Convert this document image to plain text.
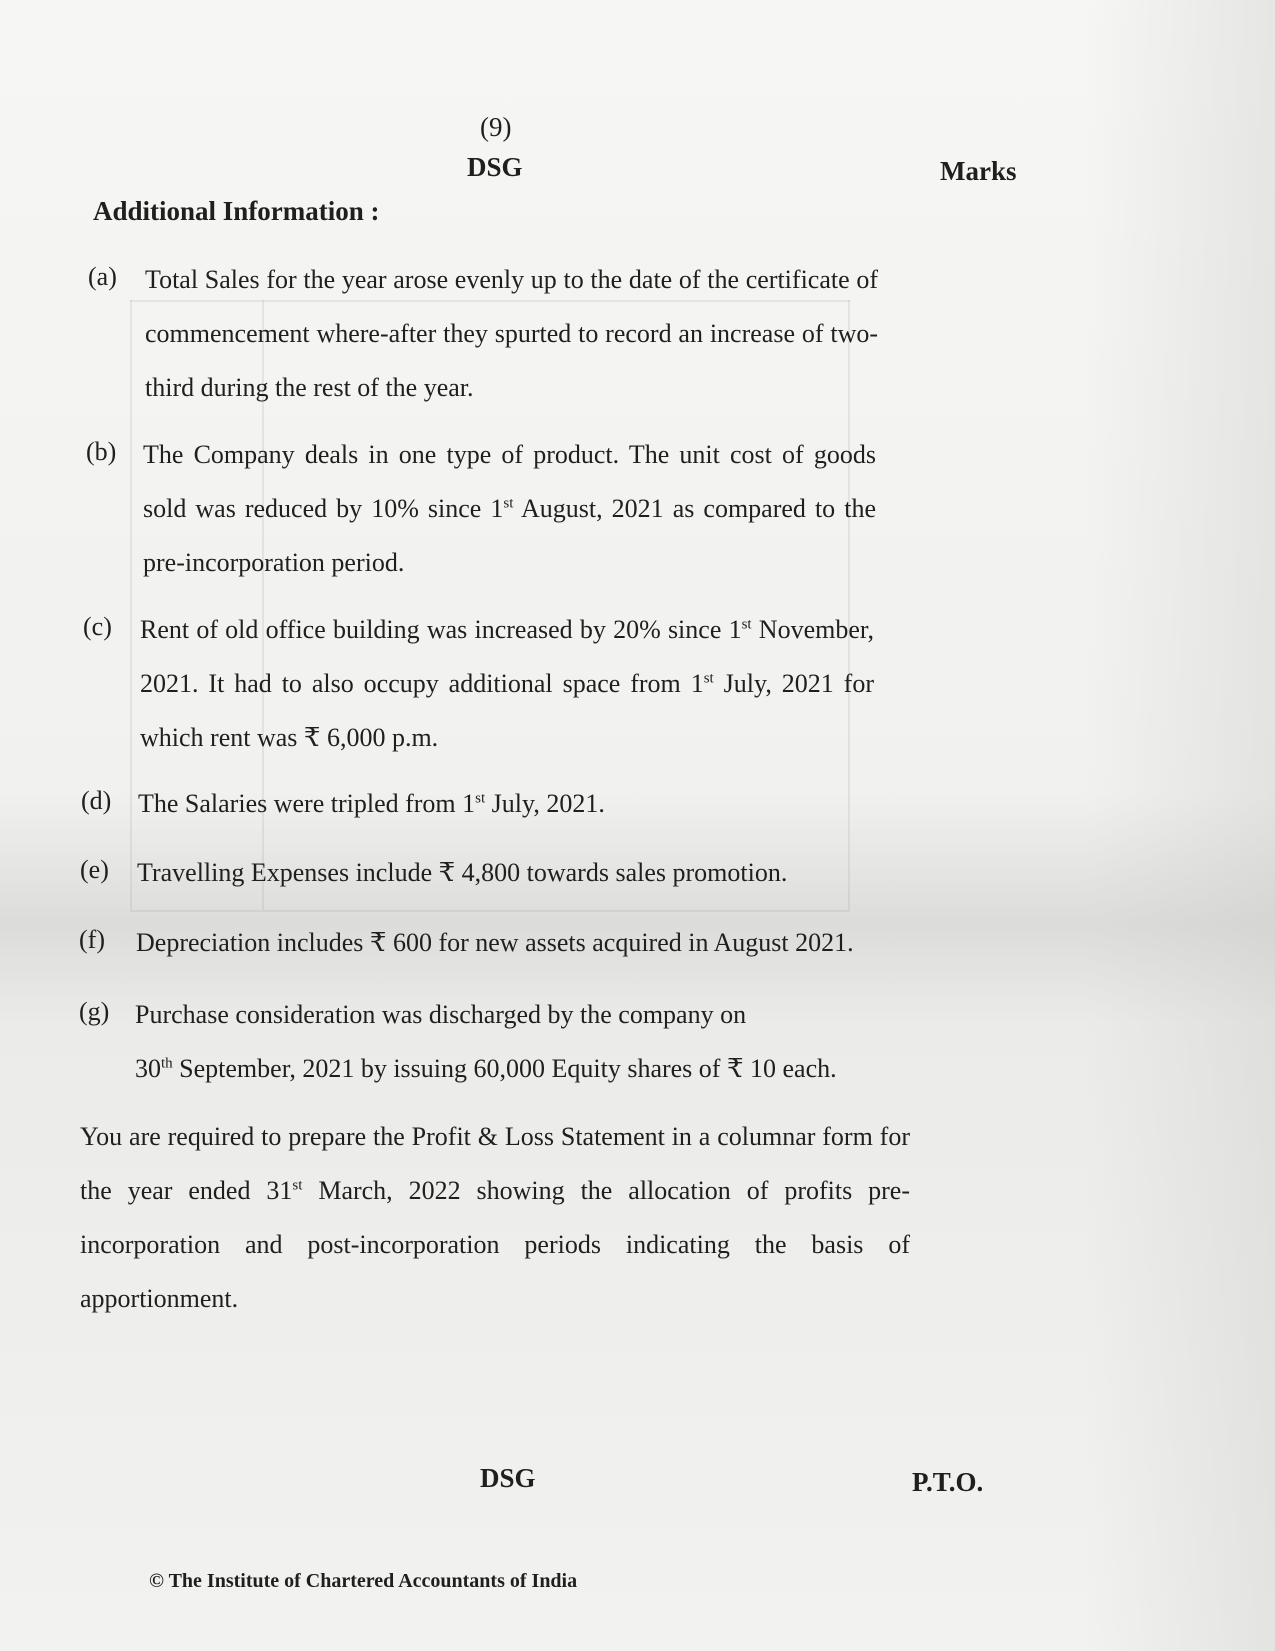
(9)
DSG	Marks
Additional Information :
(a) Total Sales for the year arose evenly up to the date of the certificate of commencement where-after they spurted to record an increase of two-third during the rest of the year.
(b) The Company deals in one type of product. The unit cost of goods sold was reduced by 10% since 1st August, 2021 as compared to the pre-incorporation period.
(c) Rent of old office building was increased by 20% since 1st November, 2021. It had to also occupy additional space from 1st July, 2021 for which rent was ₹ 6,000 p.m.
(d) The Salaries were tripled from 1st July, 2021.
(e) Travelling Expenses include ₹ 4,800 towards sales promotion.
(f) Depreciation includes ₹ 600 for new assets acquired in August 2021.
(g) Purchase consideration was discharged by the company on
30th September, 2021 by issuing 60,000 Equity shares of ₹ 10 each.
You are required to prepare the Profit & Loss Statement in a columnar form for the year ended 31st March, 2022 showing the allocation of profits pre-incorporation and post-incorporation periods indicating the basis of apportionment.
DSG	P.T.O.
© The Institute of Chartered Accountants of India
